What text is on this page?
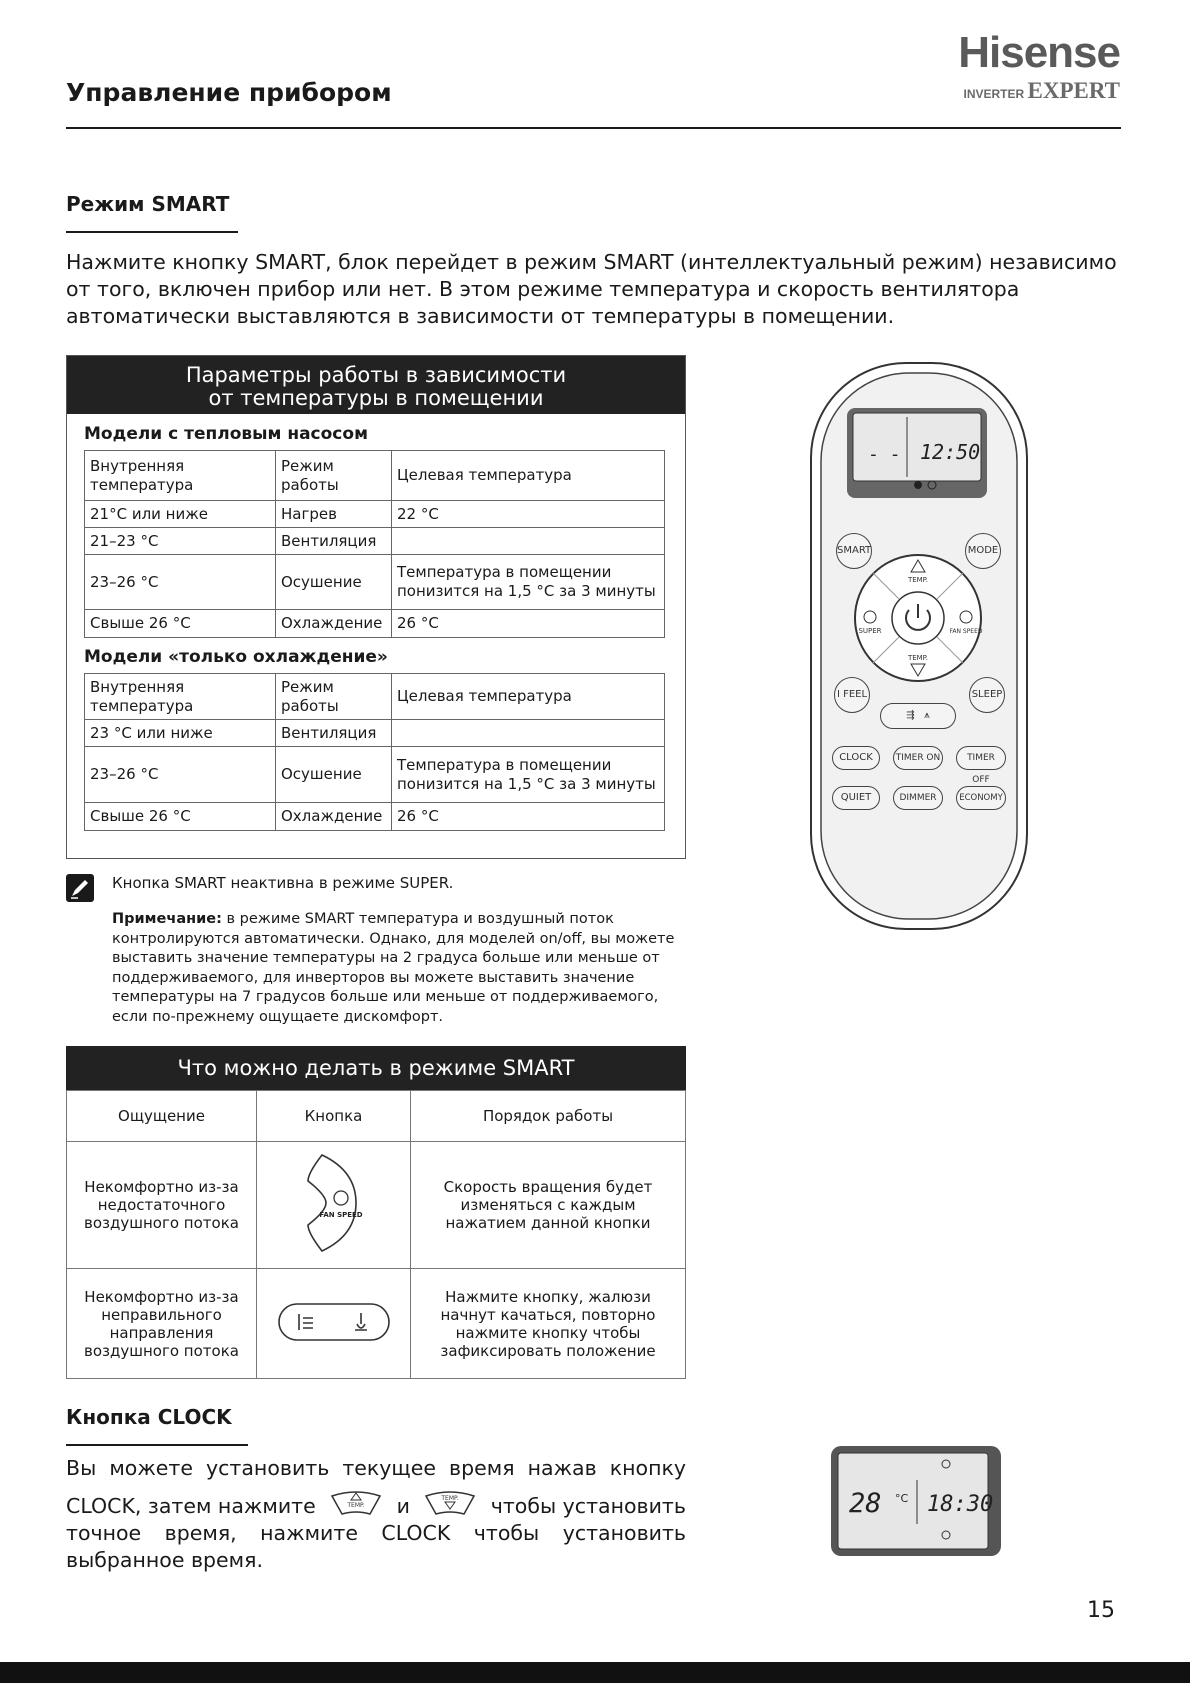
Управление прибором
Hisense
INVERTER EXPERT
Режим SMART
Нажмите кнопку SMART, блок перейдет в режим SMART (интеллектуальный режим) независимо от того, включен прибор или нет. В этом режиме температура и скорость вентилятора автоматически выставляются в зависимости от температуры в помещении.
Параметры работы в зависимости
от температуры в помещении
Модели с тепловым насосом
Внутренняя температура	Режим работы	Целевая температура
21°C или ниже	Нагрев	22 °C
21–23 °C	Вентиляция	
23–26 °C	Осушение	Температура в помещении понизится на 1,5 °С за 3 минуты
Свыше 26 °C	Охлаждение	26 °C
Модели «только охлаждение»
Внутренняя температура	Режим работы	Целевая температура
23 °C или ниже	Вентиляция	
23–26 °C	Осушение	Температура в помещении понизится на 1,5 °С за 3 минуты
Свыше 26 °C	Охлаждение	26 °C
- - 12:50
TEMP.
TEMP.
SUPER	FAN SPEED
SMART	MODE
I FEEL	SLEEP
⇶ ⩚
CLOCK	TIMER ON	TIMER OFF
QUIET	DIMMER	ECONOMY
Кнопка SMART неактивна в режиме SUPER.
Примечание: в режиме SMART температура и воздушный поток контролируются автоматически. Однако, для моделей on/off, вы можете выставить значение температуры на 2 градуса больше или меньше от поддерживаемого, для инверторов вы можете выставить значение температуры на 7 градусов больше или меньше от поддерживаемого, если по-прежнему ощущаете дискомфорт.
Что можно делать в режиме SMART
Ощущение	Кнопка	Порядок работы
Некомфортно из-за недостаточного воздушного потока	FAN SPEED	Скорость вращения будет изменяться с каждым нажатием данной кнопки
Некомфортно из-за неправильного направления воздушного потока		Нажмите кнопку, жалюзи начнут качаться, повторно нажмите кнопку чтобы зафиксировать положение
Кнопка CLOCK
Вы можете установить текущее время нажав кнопку
CLOCK, затем нажмите	TEMP. и	TEMP. чтобы установить
точное время, нажмите CLOCK чтобы установить выбранное время.
28 °C 18:30
15
